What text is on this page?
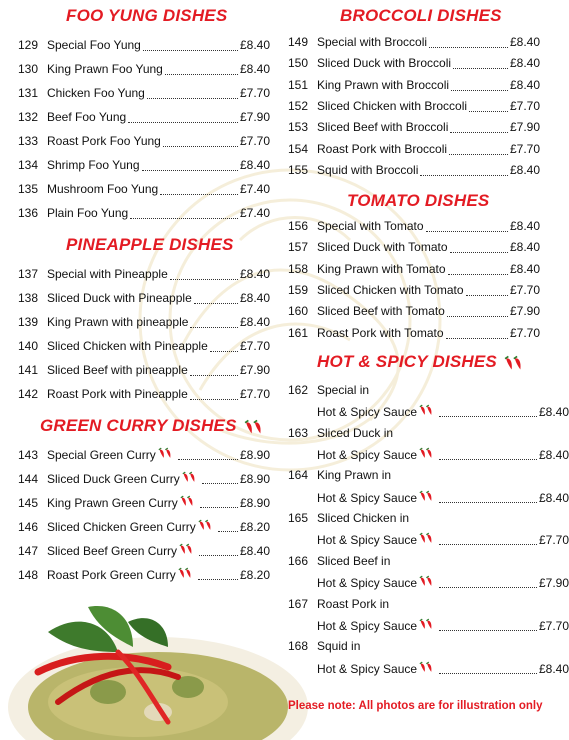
FOO YUNG DISHES
129 Special Foo Yung	£8.40
130 King Prawn Foo Yung	£8.40
131 Chicken Foo Yung	£7.70
132 Beef Foo Yung	£7.90
133 Roast Pork Foo Yung	£7.70
134 Shrimp Foo Yung	£8.40
135 Mushroom Foo Yung	£7.40
136 Plain Foo Yung	£7.40
PINEAPPLE DISHES
137 Special with Pineapple	£8.40
138 Sliced Duck with Pineapple	£8.40
139 King Prawn with pineapple	£8.40
140 Sliced Chicken with Pineapple	£7.70
141 Sliced Beef with pineapple	£7.90
142 Roast Pork with Pineapple	£7.70
GREEN CURRY DISHES
143 Special Green Curry	£8.90
144 Sliced Duck Green Curry	£8.90
145 King Prawn Green Curry	£8.90
146 Sliced Chicken Green Curry	£8.20
147 Sliced Beef Green Curry	£8.40
148 Roast Pork Green Curry	£8.20
BROCCOLI DISHES
149 Special with Broccoli	£8.40
150 Sliced Duck with Broccoli	£8.40
151 King Prawn with Broccoli	£8.40
152 Sliced Chicken with Broccoli	£7.70
153 Sliced Beef with Broccoli	£7.90
154 Roast Pork with Broccoli	£7.70
155 Squid with Broccoli	£8.40
TOMATO DISHES
156 Special with Tomato	£8.40
157 Sliced Duck with Tomato	£8.40
158 King Prawn with Tomato	£8.40
159 Sliced Chicken with Tomato	£7.70
160 Sliced Beef with Tomato	£7.90
161 Roast Pork with Tomato	£7.70
HOT & SPICY DISHES
162 Special in
Hot & Spicy Sauce	£8.40
163 Sliced Duck in
Hot & Spicy Sauce	£8.40
164 King Prawn in
Hot & Spicy Sauce	£8.40
165 Sliced Chicken in
Hot & Spicy Sauce	£7.70
166 Sliced Beef in
Hot & Spicy Sauce	£7.90
167 Roast Pork in
Hot & Spicy Sauce	£7.70
168 Squid in
Hot & Spicy Sauce	£8.40
Please note: All photos are for illustration only
